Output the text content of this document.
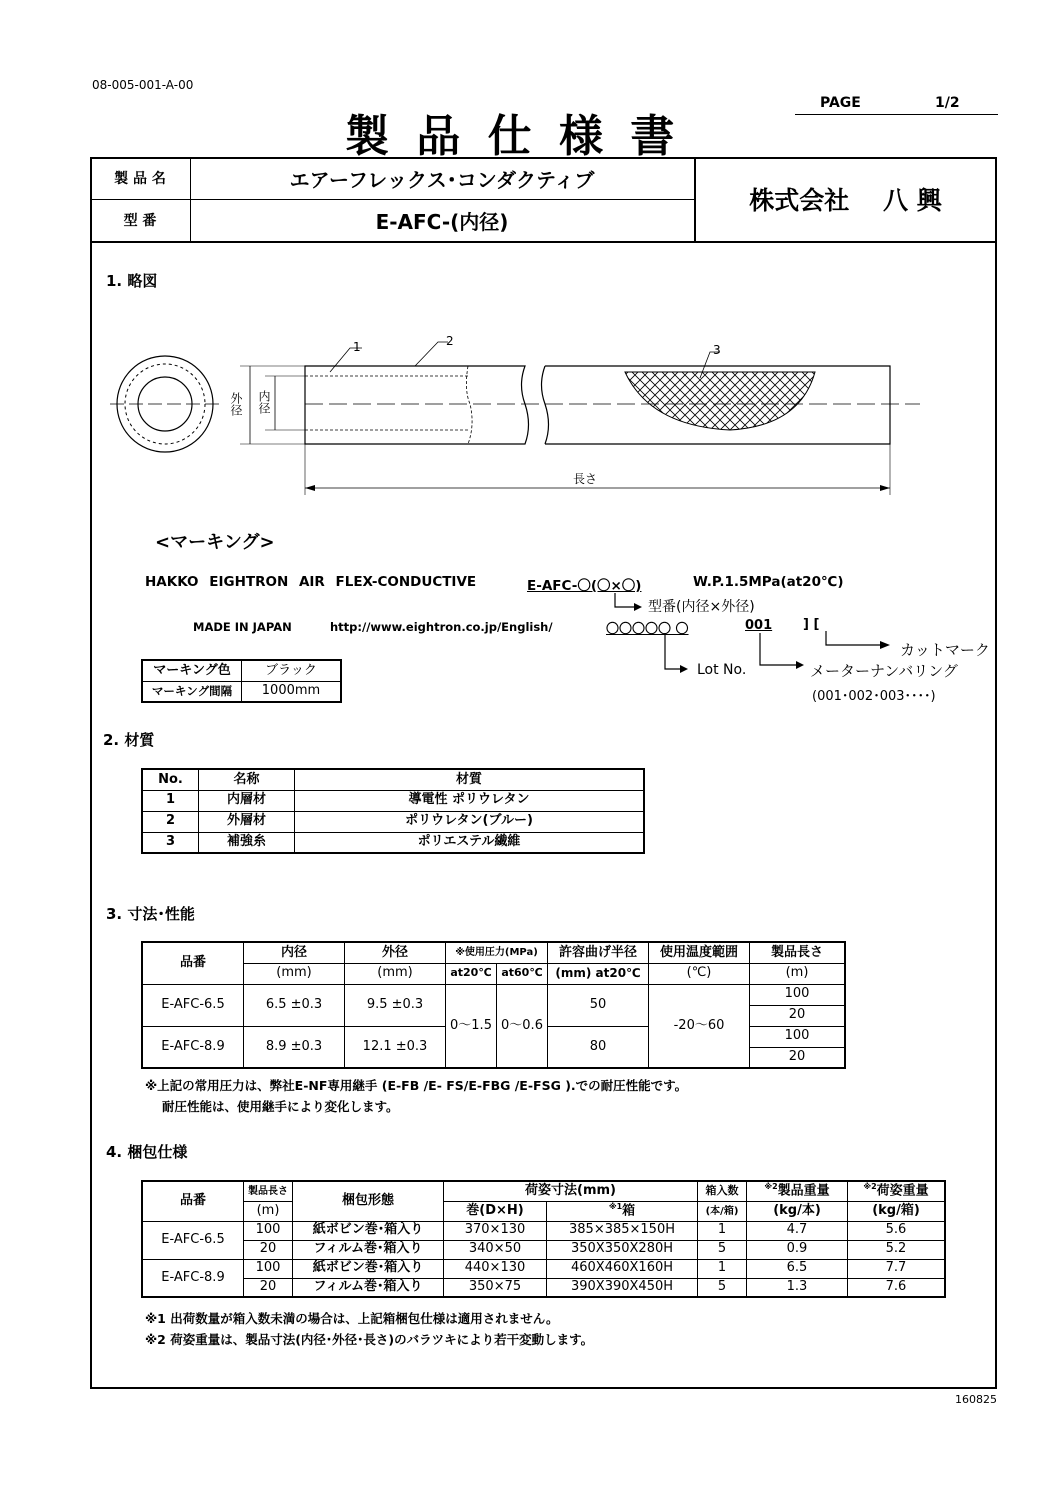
08-005-001-A-00
製 品 仕 様 書
PAGE	1/2
製 品 名	エアーフレックス･コンダクティブ
型 番	E-AFC-(内径)
株式会社　 八 興
1. 略図
1	2
3
外径 内径
長さ
<マーキング>
HAKKO EIGHTRON AIR FLEX-CONDUCTIVE	E-AFC-〇(〇×〇)	W.P.1.5MPa(at20℃)
型番(内径×外径)
MADE IN JAPAN	http://www.eightron.co.jp/English/	〇〇〇〇〇 〇	001 ] [
カットマーク
Lot No.	メーターナンバリング
(001･002･003････)
マーキング色	ブラック
マーキング間隔	1000mm
2. 材質
No.	名称	材質
1	内層材	導電性 ポリウレタン
2	外層材	ポリウレタン(ブルー)
3	補強糸	ポリエステル繊維
3. 寸法･性能
品番	内径	外径	※使用圧力(MPa)		許容曲げ半径	使用温度範囲	製品長さ
	(mm)	(mm)	at20℃	at60℃	(mm) at20℃	(℃)	(m)
E-AFC-6.5	6.5 ±0.3	9.5 ±0.3	0～1.5	0～0.6	50	-20～60	100
							20
E-AFC-8.9	8.9 ±0.3	12.1 ±0.3			80		100
							20
※上記の常用圧力は、弊社E-NF専用継手 (E-FB /E- FS/E-FBG /E-FSG ).での耐圧性能です。
耐圧性能は、使用継手により変化します。
4. 梱包仕様
品番	製品長さ	梱包形態	荷姿寸法(mm)		箱入数	$^{※2}$製品重量	$^{※2}$荷姿重量
	(m)		巻(D×H)	$^{※1}$箱	(本/箱)	(kg/本)	(kg/箱)
E-AFC-6.5	100	紙ボビン巻･箱入り	370×130	385×385×150H	1	4.7	5.6
	20	フィルム巻･箱入り	340×50	350X350X280H	5	0.9	5.2
E-AFC-8.9	100	紙ボビン巻･箱入り	440×130	460X460X160H	1	6.5	7.7
	20	フィルム巻･箱入り	350×75	390X390X450H	5	1.3	7.6
※1 出荷数量が箱入数未満の場合は、上記箱梱包仕様は適用されません。
※2 荷姿重量は、製品寸法(内径･外径･長さ)のバラツキにより若干変動します。
160825
